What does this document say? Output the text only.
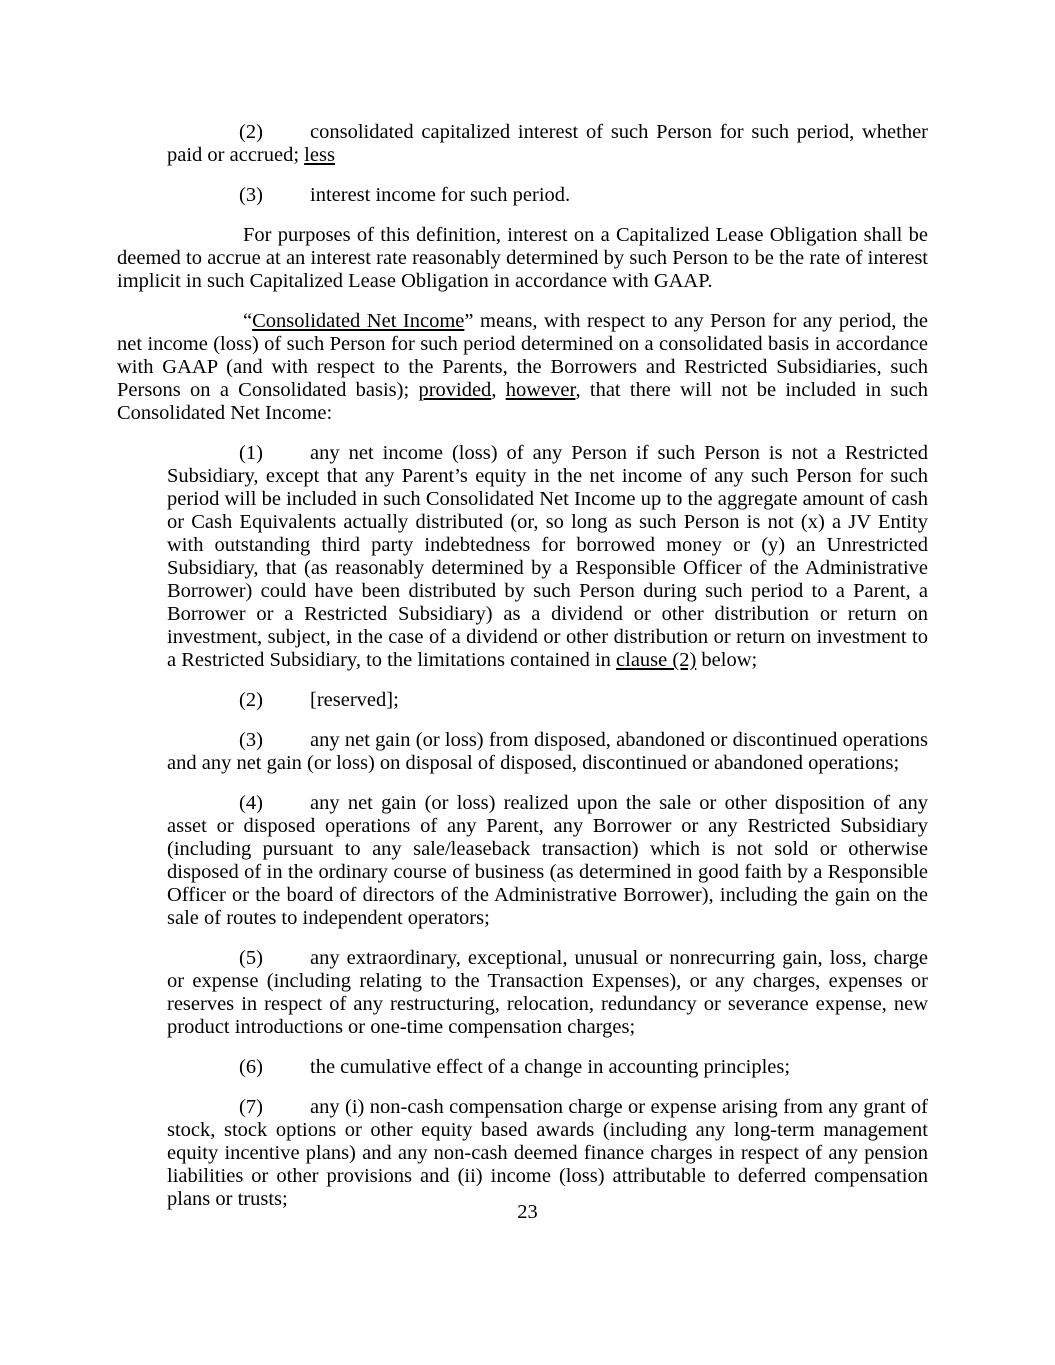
(2) consolidated capitalized interest of such Person for such period, whether paid or accrued; less

(3) interest income for such period.

For purposes of this definition, interest on a Capitalized Lease Obligation shall be deemed to accrue at an interest rate reasonably determined by such Person to be the rate of interest implicit in such Capitalized Lease Obligation in accordance with GAAP.

“Consolidated Net Income” means, with respect to any Person for any period, the net income (loss) of such Person for such period determined on a consolidated basis in accordance with GAAP (and with respect to the Parents, the Borrowers and Restricted Subsidiaries, such Persons on a Consolidated basis); provided, however, that there will not be included in such Consolidated Net Income:

(1) any net income (loss) of any Person if such Person is not a Restricted Subsidiary, except that any Parent’s equity in the net income of any such Person for such period will be included in such Consolidated Net Income up to the aggregate amount of cash or Cash Equivalents actually distributed (or, so long as such Person is not (x) a JV Entity with outstanding third party indebtedness for borrowed money or (y) an Unrestricted Subsidiary, that (as reasonably determined by a Responsible Officer of the Administrative Borrower) could have been distributed by such Person during such period to a Parent, a Borrower or a Restricted Subsidiary) as a dividend or other distribution or return on investment, subject, in the case of a dividend or other distribution or return on investment to a Restricted Subsidiary, to the limitations contained in clause (2) below;

(2) [reserved];

(3) any net gain (or loss) from disposed, abandoned or discontinued operations and any net gain (or loss) on disposal of disposed, discontinued or abandoned operations;

(4) any net gain (or loss) realized upon the sale or other disposition of any asset or disposed operations of any Parent, any Borrower or any Restricted Subsidiary (including pursuant to any sale/leaseback transaction) which is not sold or otherwise disposed of in the ordinary course of business (as determined in good faith by a Responsible Officer or the board of directors of the Administrative Borrower), including the gain on the sale of routes to independent operators;

(5) any extraordinary, exceptional, unusual or nonrecurring gain, loss, charge or expense (including relating to the Transaction Expenses), or any charges, expenses or reserves in respect of any restructuring, relocation, redundancy or severance expense, new product introductions or one-time compensation charges;

(6) the cumulative effect of a change in accounting principles;

(7) any (i) non-cash compensation charge or expense arising from any grant of stock, stock options or other equity based awards (including any long-term management equity incentive plans) and any non-cash deemed finance charges in respect of any pension liabilities or other provisions and (ii) income (loss) attributable to deferred compensation plans or trusts;

23
